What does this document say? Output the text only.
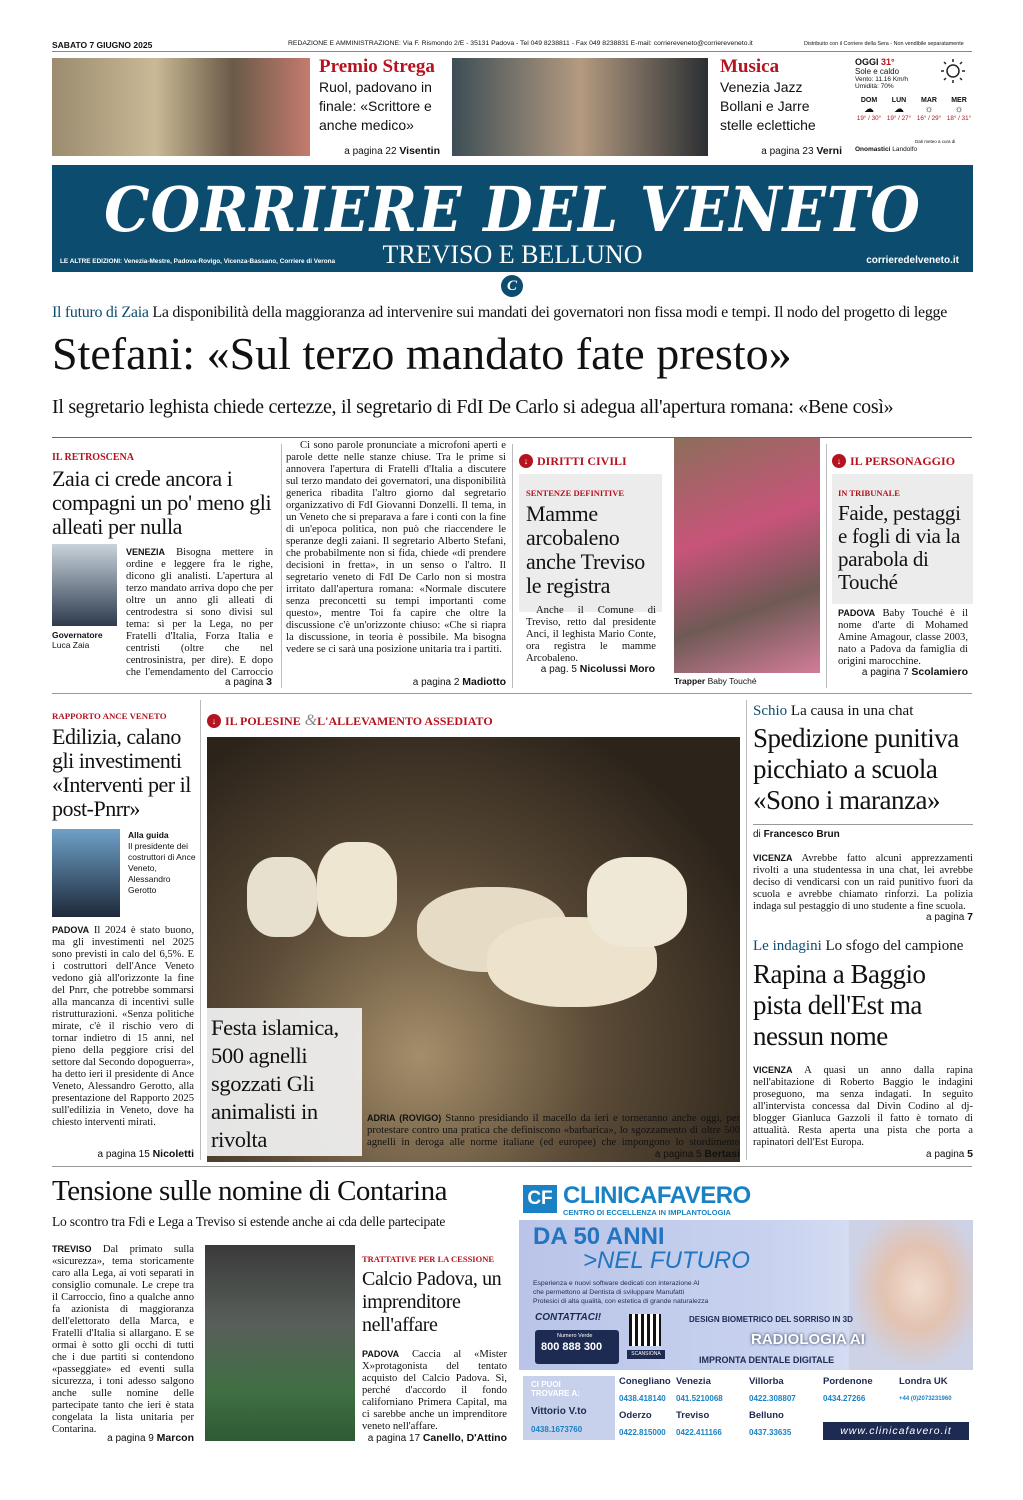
SABATO 7 GIUGNO 2025	REDAZIONE E AMMINISTRAZIONE: Via F. Rismondo 2/E - 35131 Padova - Tel 049 8238811 - Fax 049 8238831 E-mail: corriereveneto@corriereveneto.it	Distribuito con il Corriere della Sera - Non vendibile separatamente
Premio Strega
Ruol, padovano in finale: «Scrittore e anche medico»
a pagina 22 Visentin
Musica
Venezia Jazz Bollani e Jarre stelle eclettiche
a pagina 23 Verni
OGGI 31°
Sole e caldo
Vento: 11.16 Km/h
Umidità: 70%
DOM
☁
19° / 30°
LUN
☁
19° / 27°
MAR
☼
16° / 29°
MER
☼
18° / 31°
Dati meteo a cura di
Onomastici Landolfo
CORRIERE DEL VENETO
TREVISO E BELLUNO
LE ALTRE EDIZIONI: Venezia-Mestre, Padova-Rovigo, Vicenza-Bassano, Corriere di Verona	corrieredelveneto.it
C
Il futuro di Zaia La disponibilità della maggioranza ad intervenire sui mandati dei governatori non fissa modi e tempi. Il nodo del progetto di legge
Stefani: «Sul terzo mandato fate presto»
Il segretario leghista chiede certezze, il segretario di FdI De Carlo si adegua all'apertura romana: «Bene così»
IL RETROSCENA
Zaia ci crede ancora i compagni un po' meno gli alleati per nulla
Governatore
Luca Zaia
VENEZIA Bisogna mettere in ordine e leggere fra le righe, dicono gli analisti. L'apertura al terzo mandato arriva dopo che per oltre un anno gli alleati di centrodestra si sono divisi sul tema: sì per la Lega, no per Fratelli d'Italia, Forza Italia e centristi (oltre che nel centrosinistra, per dire). E dopo che l'emendamento del Carroccio
a pagina 3
Ci sono parole pronunciate a microfoni aperti e parole dette nelle stanze chiuse. Tra le prime si annovera l'apertura di Fratelli d'Italia a discutere sul terzo mandato dei governatori, una disponibilità generica ribadita l'altro giorno dal segretario organizzativo di FdI Giovanni Donzelli. Il tema, in un Veneto che si preparava a fare i conti con la fine di un'epoca politica, non può che riaccendere le speranze degli zaiani. Il segretario Alberto Stefani, che probabilmente non si fida, chiede «di prendere decisioni in fretta», in un senso o l'altro. Il segretario veneto di FdI De Carlo non si mostra irritato dall'apertura romana: «Normale discutere senza preconcetti su tempi importanti come questo», mentre Toi fa capire che oltre la discussione c'è un'orizzonte chiuso: «Che si riapra la discussione, in teoria è possibile. Ma bisogna vedere se ci sarà una posizione unitaria tra i partiti.
a pagina 2 Madiotto
↓ DIRITTI CIVILI
SENTENZE DEFINITIVE
Mamme arcobaleno anche Treviso le registra
Anche il Comune di Treviso, retto dal presidente Anci, il leghista Mario Conte, ora registra le mamme Arcobaleno.
a pag. 5 Nicolussi Moro
Trapper Baby Touché
↓ IL PERSONAGGIO
IN TRIBUNALE
Faide, pestaggi e fogli di via la parabola di Touché
PADOVA Baby Touché è il nome d'arte di Mohamed Amine Amagour, classe 2003, nato a Padova da famiglia di origini marocchine.
a pagina 7 Scolamiero
RAPPORTO ANCE VENETO
Edilizia, calano gli investimenti «Interventi per il post-Pnrr»
Alla guida
Il presidente dei costruttori di Ance Veneto, Alessandro Gerotto
PADOVA Il 2024 è stato buono, ma gli investimenti nel 2025 sono previsti in calo del 6,5%. E i costruttori dell'Ance Veneto vedono già all'orizzonte la fine del Pnrr, che potrebbe sommarsi alla mancanza di incentivi sulle ristrutturazioni. «Senza politiche mirate, c'è il rischio vero di tornar indietro di 15 anni, nel pieno della peggiore crisi del settore dal Secondo dopoguerra», ha detto ieri il presidente di Ance Veneto, Alessandro Gerotto, alla presentazione del Rapporto 2025 sull'edilizia in Veneto, dove ha chiesto interventi mirati.
a pagina 15 Nicoletti
↓ IL POLESINE &L'ALLEVAMENTO ASSEDIATO
Festa islamica, 500 agnelli sgozzati Gli animalisti in rivolta
ADRIA (ROVIGO) Stanno presidiando il macello da ieri e torneranno anche oggi, per protestare contro una pratica che definiscono «barbarica», lo sgozzamento di oltre 500 agnelli in deroga alle norme italiane (ed europee) che impongono lo stordimento
a pagina 5 Bertasi
Schio La causa in una chat
Spedizione punitiva picchiato a scuola «Sono i maranza»
di Francesco Brun
VICENZA Avrebbe fatto alcuni apprezzamenti rivolti a una studentessa in una chat, lei avrebbe deciso di vendicarsi con un raid punitivo fuori da scuola e avrebbe chiamato rinforzi. La polizia indaga sul pestaggio di uno studente a fine scuola.
a pagina 7
Le indagini Lo sfogo del campione
Rapina a Baggio pista dell'Est ma nessun nome
VICENZA A quasi un anno dalla rapina nell'abitazione di Roberto Baggio le indagini proseguono, ma senza indagati. In seguito all'intervista concessa dal Divin Codino al dj-blogger Gianluca Gazzoli il fatto è tornato di attualità. Resta aperta una pista che porta a rapinatori dell'Est Europa.
a pagina 5
Tensione sulle nomine di Contarina
Lo scontro tra Fdi e Lega a Treviso si estende anche ai cda delle partecipate
TREVISO Dal primato sulla «sicurezza», tema storicamente caro alla Lega, ai voti separati in consiglio comunale. Le crepe tra il Carroccio, fino a qualche anno fa azionista di maggioranza dell'elettorato della Marca, e Fratelli d'Italia si allargano. E se ormai è sotto gli occhi di tutti che i due partiti si contendono «passeggiate» ed eventi sulla sicurezza, i toni adesso salgono anche sulle nomine delle partecipate tanto che ieri è stata congelata la lista unitaria per Contarina.
a pagina 9 Marcon
TRATTATIVE PER LA CESSIONE
Calcio Padova, un imprenditore nell'affare
PADOVA Caccia al «Mister X»protagonista del tentato acquisto del Calcio Padova. Sì, perché d'accordo il fondo californiano Primera Capital, ma ci sarebbe anche un imprenditore veneto nell'affare.
a pagina 17 Canello, D'Attino
CF CLINICAFAVERO
CENTRO DI ECCELLENZA IN IMPLANTOLOGIA
DA 50 ANNI
>NEL FUTURO
Esperienza e nuovi software dedicati con interazione AI
che permettono al Dentista di sviluppare Manufatti
Protesici di alta qualità, con estetica di grande naturalezza
CONTATTACI!
Numero Verde
800 888 300
SCANSIONA
DESIGN BIOMETRICO DEL SORRISO IN 3D
RADIOLOGIA AI
IMPRONTA DENTALE DIGITALE
CI PUOI TROVARE A:
Vittorio V.to
0438.1673760
Conegliano
0438.418140
Oderzo
0422.815000
Venezia
041.5210068
Treviso
0422.411166
Villorba
0422.308807
Belluno
0437.33635
Pordenone
0434.27266
Londra UK
+44 (0)2073231960
www.clinicafavero.it
